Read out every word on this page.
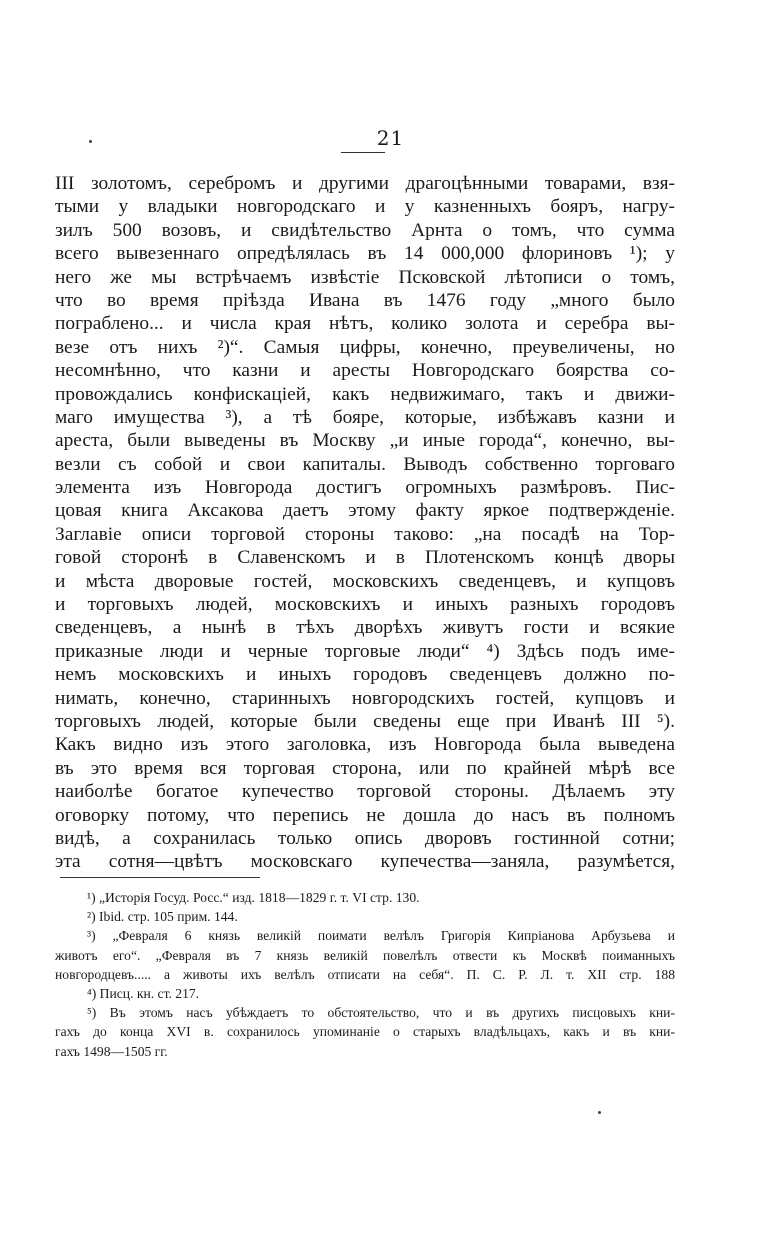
21
III золотомъ, серебромъ и другими драгоцѣнными товарами, взя-
тыми у владыки новгородскаго и у казненныхъ бояръ, нагру-
зилъ 500 возовъ, и свидѣтельство Арнта о томъ, что сумма
всего вывезеннаго опредѣлялась въ 14 000,000 флориновъ ¹); у
него же мы встрѣчаемъ извѣстіе Псковской лѣтописи о томъ,
что во время пріѣзда Ивана въ 1476 году „много было
пограблено... и числа края нѣтъ, колико золота и серебра вы-
везе отъ нихъ ²)“. Самыя цифры, конечно, преувеличены, но
несомнѣнно, что казни и аресты Новгородскаго боярства со-
провождались конфискацiей, какъ недвижимаго, такъ и движи-
маго имущества ³), а тѣ бояре, которые, избѣжавъ казни и
ареста, были выведены въ Москву „и иные города“, конечно, вы-
везли съ собой и свои капиталы. Выводъ собственно торговаго
элемента изъ Новгорода достигъ огромныхъ размѣровъ. Пис-
цовая книга Аксакова даетъ этому факту яркое подтвержденіе.
Заглавіе описи торговой стороны таково: „на посадѣ на Тор-
говой сторонѣ в Славенскомъ и в Плотенскомъ концѣ дворы
и мѣста дворовые гостей, московскихъ сведенцевъ, и купцовъ
и торговыхъ людей, московскихъ и иныхъ разныхъ городовъ
сведенцевъ, а нынѣ в тѣхъ дворѣхъ живутъ гости и всякие
приказные люди и черные торговые люди“ ⁴) Здѣсь подъ име-
немъ московскихъ и иныхъ городовъ сведенцевъ должно по-
нимать, конечно, старинныхъ новгородскихъ гостей, купцовъ и
торговыхъ людей, которые были сведены еще при Иванѣ III ⁵).
Какъ видно изъ этого заголовка, изъ Новгорода была выведена
въ это время вся торговая сторона, или по крайней мѣрѣ все
наиболѣе богатое купечество торговой стороны. Дѣлаемъ эту
оговорку потому, что перепись не дошла до насъ въ полномъ
видѣ, а сохранилась только опись дворовъ гостинной сотни;
эта сотня—цвѣтъ московскаго купечества—заняла, разумѣется,
¹) „Исторія Госуд. Росс.“ изд. 1818—1829 г. т. VI стр. 130.
²) Ibid. стр. 105 прим. 144.
³) „Февраля 6 князь великій поимати велѣлъ Григорія Кипріанова Арбузьева и
животъ его“. „Февраля въ 7 князь великій повелѣлъ отвести къ Москвѣ поиманныхъ
новгородцевъ..... а животы ихъ велѣлъ отписати на себя“. П. С. Р. Л. т. XII стр. 188
⁴) Писц. кн. ст. 217.
⁵) Въ этомъ насъ убѣждаетъ то обстоятельство, что и въ другихъ писцовыхъ кни-
гахъ до конца XVI в. сохранилось упоминаніе о старыхъ владѣльцахъ, какъ и въ кни-
гахъ 1498—1505 гг.
